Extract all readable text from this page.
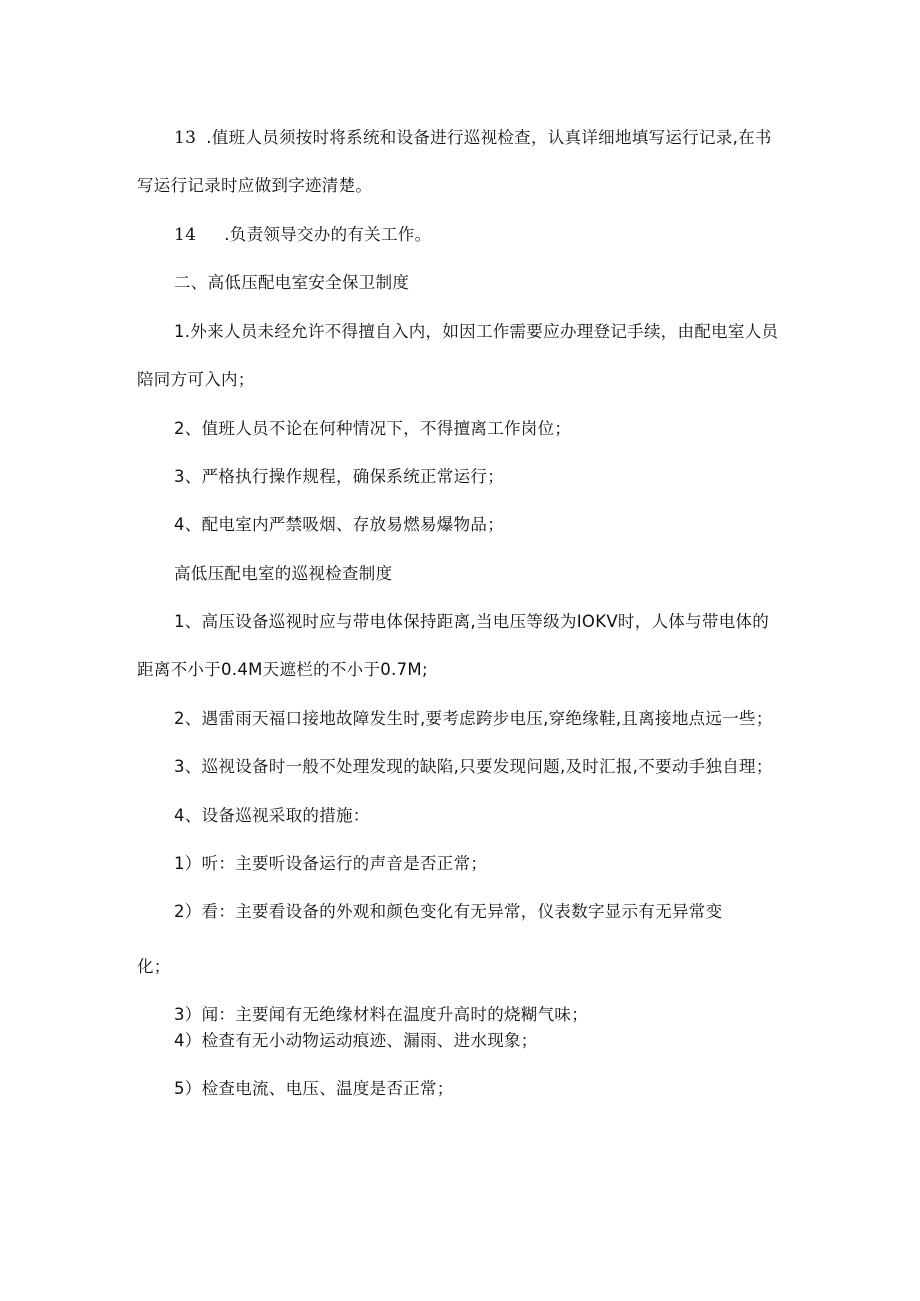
13 .值班人员须按时将系统和设备进行巡视检查，认真详细地填写运行记录,在书
写运行记录时应做到字迹清楚。
14 .负责领导交办的有关工作。
二、高低压配电室安全保卫制度
1.外来人员未经允许不得擅自入内，如因工作需要应办理登记手续，由配电室人员
陪同方可入内；
2、值班人员不论在何种情况下，不得擅离工作岗位；
3、严格执行操作规程，确保系统正常运行；
4、配电室内严禁吸烟、存放易燃易爆物品；
高低压配电室的巡视检查制度
1、高压设备巡视时应与带电体保持距离,当电压等级为IOKV时，人体与带电体的
距离不小于0.4M天遮栏的不小于0.7M;
2、遇雷雨天福口接地故障发生时,要考虑跨步电压,穿绝缘鞋,且离接地点远一些；
3、巡视设备时一般不处理发现的缺陷,只要发现问题,及时汇报,不要动手独自理；
4、设备巡视采取的措施：
1）听：主要听设备运行的声音是否正常；
2）看：主要看设备的外观和颜色变化有无异常，仪表数字显示有无异常变
化；
3）闻：主要闻有无绝缘材料在温度升高时的烧糊气味；
4）检查有无小动物运动痕迹、漏雨、进水现象；
5）检查电流、电压、温度是否正常；
